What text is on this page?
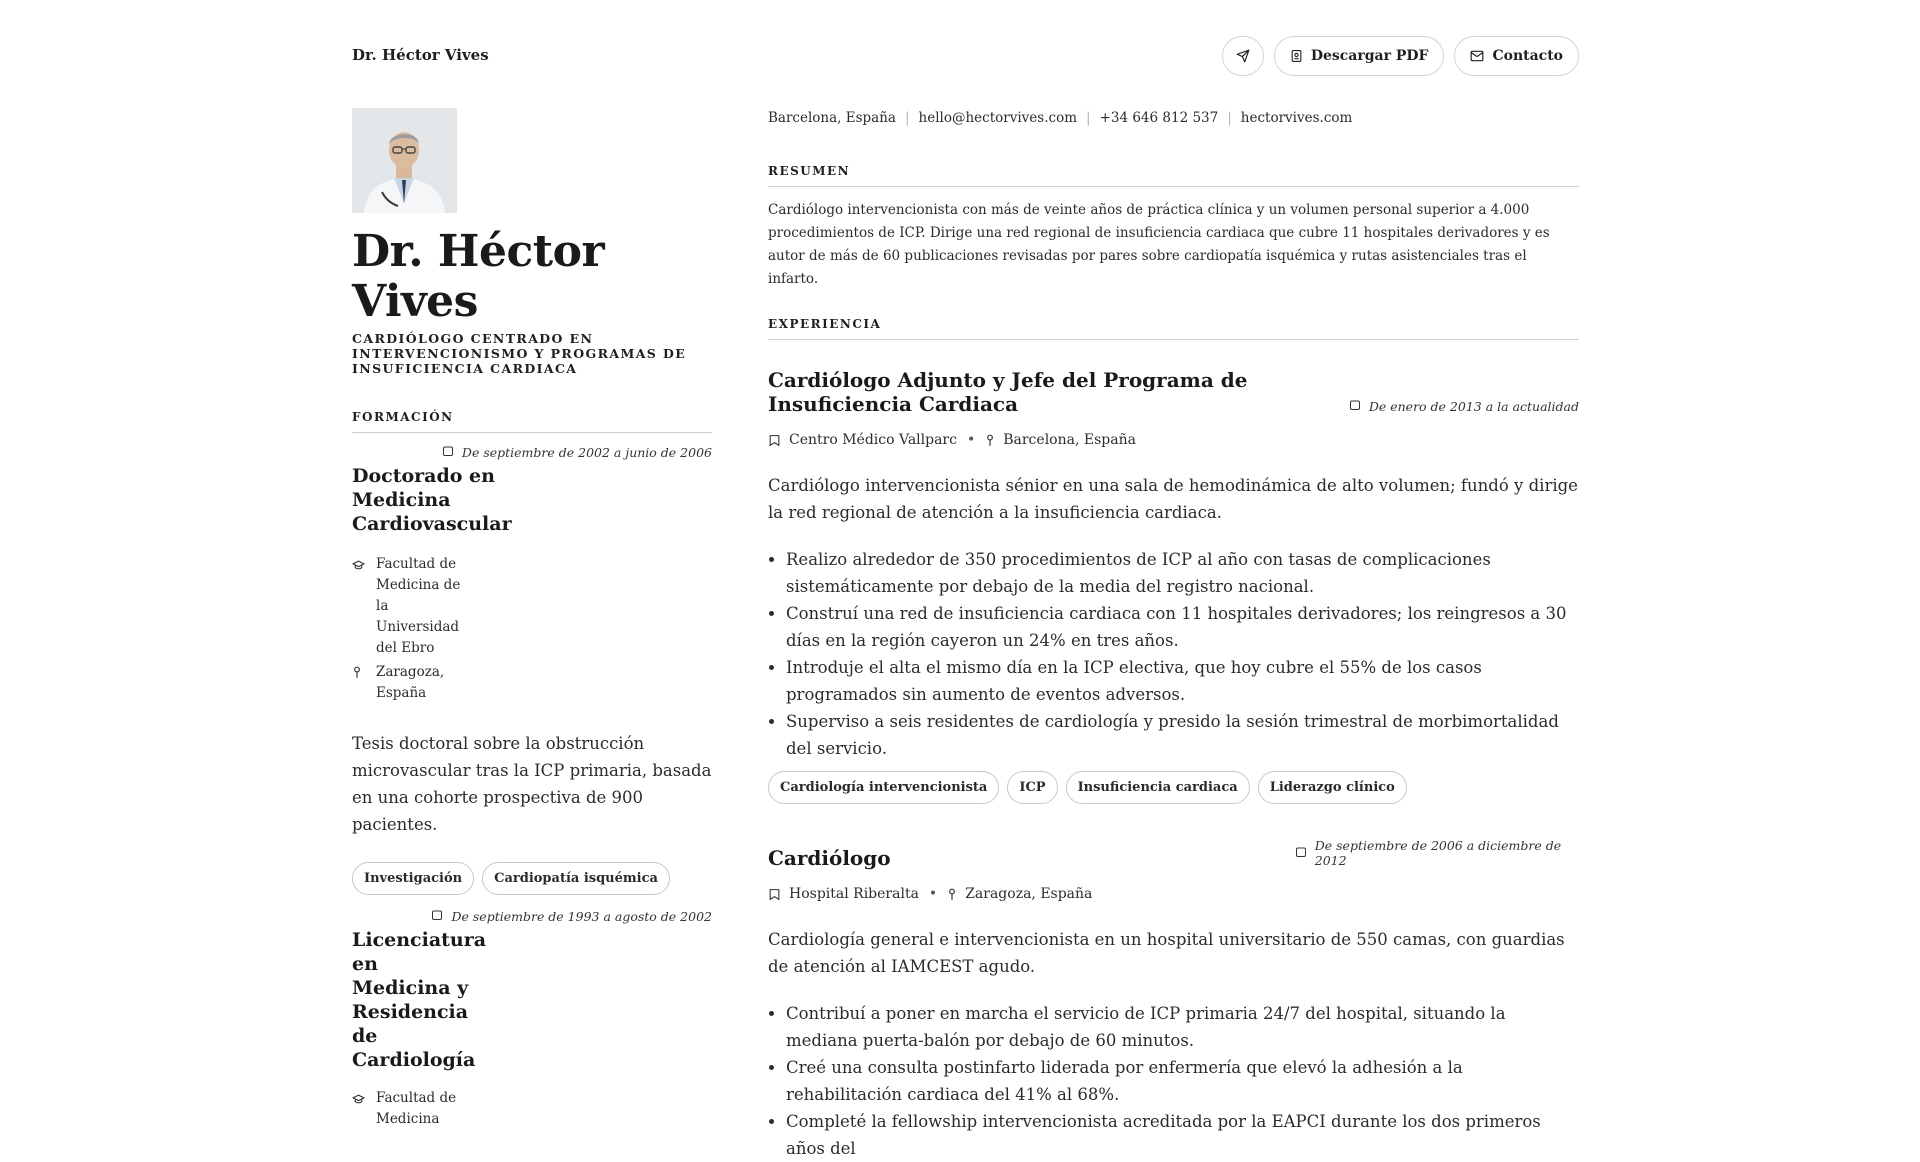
Dr. Héctor Vives	Descargar PDF	Contacto
Dr. Héctor Vives
CARDIÓLOGO CENTRADO EN INTERVENCIONISMO Y PROGRAMAS DE INSUFICIENCIA CARDIACA
FORMACIÓN
De septiembre de 2002 a junio de 2006
Doctorado en Medicina Cardiovascular
Facultad de Medicina de la Universidad del Ebro
Zaragoza, España
Tesis doctoral sobre la obstrucción microvascular tras la ICP primaria, basada en una cohorte prospectiva de 900 pacientes.
Investigación	Cardiopatía isquémica
De septiembre de 1993 a agosto de 2002
Licenciatura en Medicina y Residencia de Cardiología
Facultad de Medicina
Barcelona, España | hello@hectorvives.com | +34 646 812 537 | hectorvives.com
RESUMEN
Cardiólogo intervencionista con más de veinte años de práctica clínica y un volumen personal superior a 4.000 procedimientos de ICP. Dirige una red regional de insuficiencia cardiaca que cubre 11 hospitales derivadores y es autor de más de 60 publicaciones revisadas por pares sobre cardiopatía isquémica y rutas asistenciales tras el infarto.
EXPERIENCIA
Cardiólogo Adjunto y Jefe del Programa de Insuficiencia Cardiaca	De enero de 2013 a la actualidad
Centro Médico Vallparc • Barcelona, España
Cardiólogo intervencionista sénior en una sala de hemodinámica de alto volumen; fundó y dirige la red regional de atención a la insuficiencia cardiaca.
• Realizo alrededor de 350 procedimientos de ICP al año con tasas de complicaciones sistemáticamente por debajo de la media del registro nacional.
• Construí una red de insuficiencia cardiaca con 11 hospitales derivadores; los reingresos a 30 días en la región cayeron un 24% en tres años.
• Introduje el alta el mismo día en la ICP electiva, que hoy cubre el 55% de los casos programados sin aumento de eventos adversos.
• Superviso a seis residentes de cardiología y presido la sesión trimestral de morbimortalidad del servicio.
Cardiología intervencionista	ICP	Insuficiencia cardiaca	Liderazgo clínico
Cardiólogo
De septiembre de 2006 a diciembre de 2012
Hospital Riberalta • Zaragoza, España
Cardiología general e intervencionista en un hospital universitario de 550 camas, con guardias de atención al IAMCEST agudo.
• Contribuí a poner en marcha el servicio de ICP primaria 24/7 del hospital, situando la mediana puerta-balón por debajo de 60 minutos.
• Creé una consulta postinfarto liderada por enfermería que elevó la adhesión a la rehabilitación cardiaca del 41% al 68%.
• Completé la fellowship intervencionista acreditada por la EAPCI durante los dos primeros años del
